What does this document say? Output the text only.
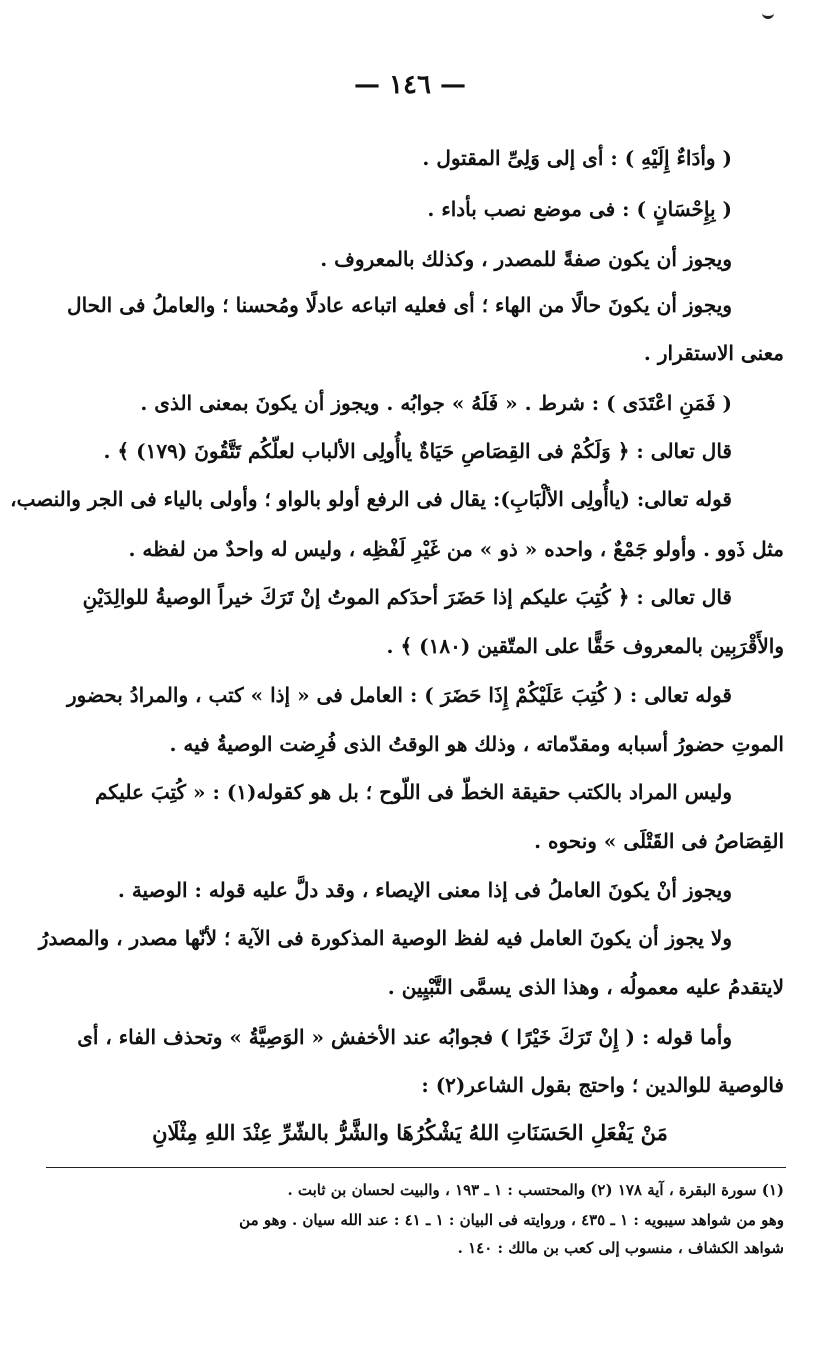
— ١٤٦ —
( وأدَاءٌ إِلَيْهِ ) : أى إلى وَلِىِّ المقتول .
( بِإِحْسَانٍ ) : فى موضع نصب بأداء .
ويجوز أن يكون صفةً للمصدر ، وكذلك بالمعروف .
ويجوز أن يكونَ حالًا من الهاء ؛ أى فعليه اتباعه عادلًا ومُحسنا ؛ والعاملُ فى الحال
معنى الاستقرار .
( فَمَنِ اعْتَدَى ) : شرط . « فَلَهُ » جوابُه . ويجوز أن يكونَ بمعنى الذى .
قال تعالى : ﴿ وَلَكُمْ فى القِصَاصِ حَيَاةٌ ياأُولِى الألباب لعلّكُم تَتَّقُونَ (١٧٩) ﴾ .
قوله تعالى: (ياأُولِى الألْبَابِ): يقال فى الرفع أولو بالواو ؛ وأولى بالياء فى الجر والنصب،
مثل ذَوو . وأولو جَمْعٌ ، واحده « ذو » من غَيْرِ لَفْظِه ، وليس له واحدٌ من لفظه .
قال تعالى : ﴿ كُتِبَ عليكم إذا حَضَرَ أحدَكم الموتُ إنْ تَرَكَ خيراً الوصيةُ للوالِدَيْنِ
والأَقْرَبِين بالمعروف حَقًّا على المتّقين (١٨٠) ﴾ .
قوله تعالى : ( كُتِبَ عَلَيْكُمْ إِذَا حَضَرَ ) : العامل فى « إذا » كتب ، والمرادُ بحضور
الموتِ حضورُ أسبابه ومقدّماته ، وذلك هو الوقتُ الذى فُرِضت الوصيةُ فيه .
وليس المراد بالكتب حقيقة الخطّ فى اللّوح ؛ بل هو كقوله(١) : « كُتِبَ عليكم
القِصَاصُ فى القَتْلَى » ونحوه .
ويجوز أنْ يكونَ العاملُ فى إذا معنى الإيصاء ، وقد دلَّ عليه قوله : الوصية .
ولا يجوز أن يكونَ العامل فيه لفظ الوصية المذكورة فى الآية ؛ لأنّها مصدر ، والمصدرُ
لايتقدمُ عليه معمولُه ، وهذا الذى يسمَّى التَّبْيِين .
وأما قوله : ( إِنْ تَرَكَ خَيْرًا ) فجوابُه عند الأخفش « الوَصِيَّةُ » وتحذف الفاء ، أى
فالوصية للوالدين ؛ واحتج بقول الشاعر(٢) :
مَنْ يَفْعَلِ الحَسَنَاتِ اللهُ يَشْكُرُهَا والشَّرُّ بالشّرِّ عِنْدَ اللهِ مِثْلَانِ
(١) سورة البقرة ، آية ١٧٨ (٢) والمحتسب : ١ ـ ١٩٣ ، والبيت لحسان بن ثابت .
وهو من شواهد سيبويه : ١ ـ ٤٣٥ ، وروايته فى البيان : ١ ـ ٤١ : عند الله سيان . وهو من
شواهد الكشاف ، منسوب إلى كعب بن مالك : ١٤٠ .
